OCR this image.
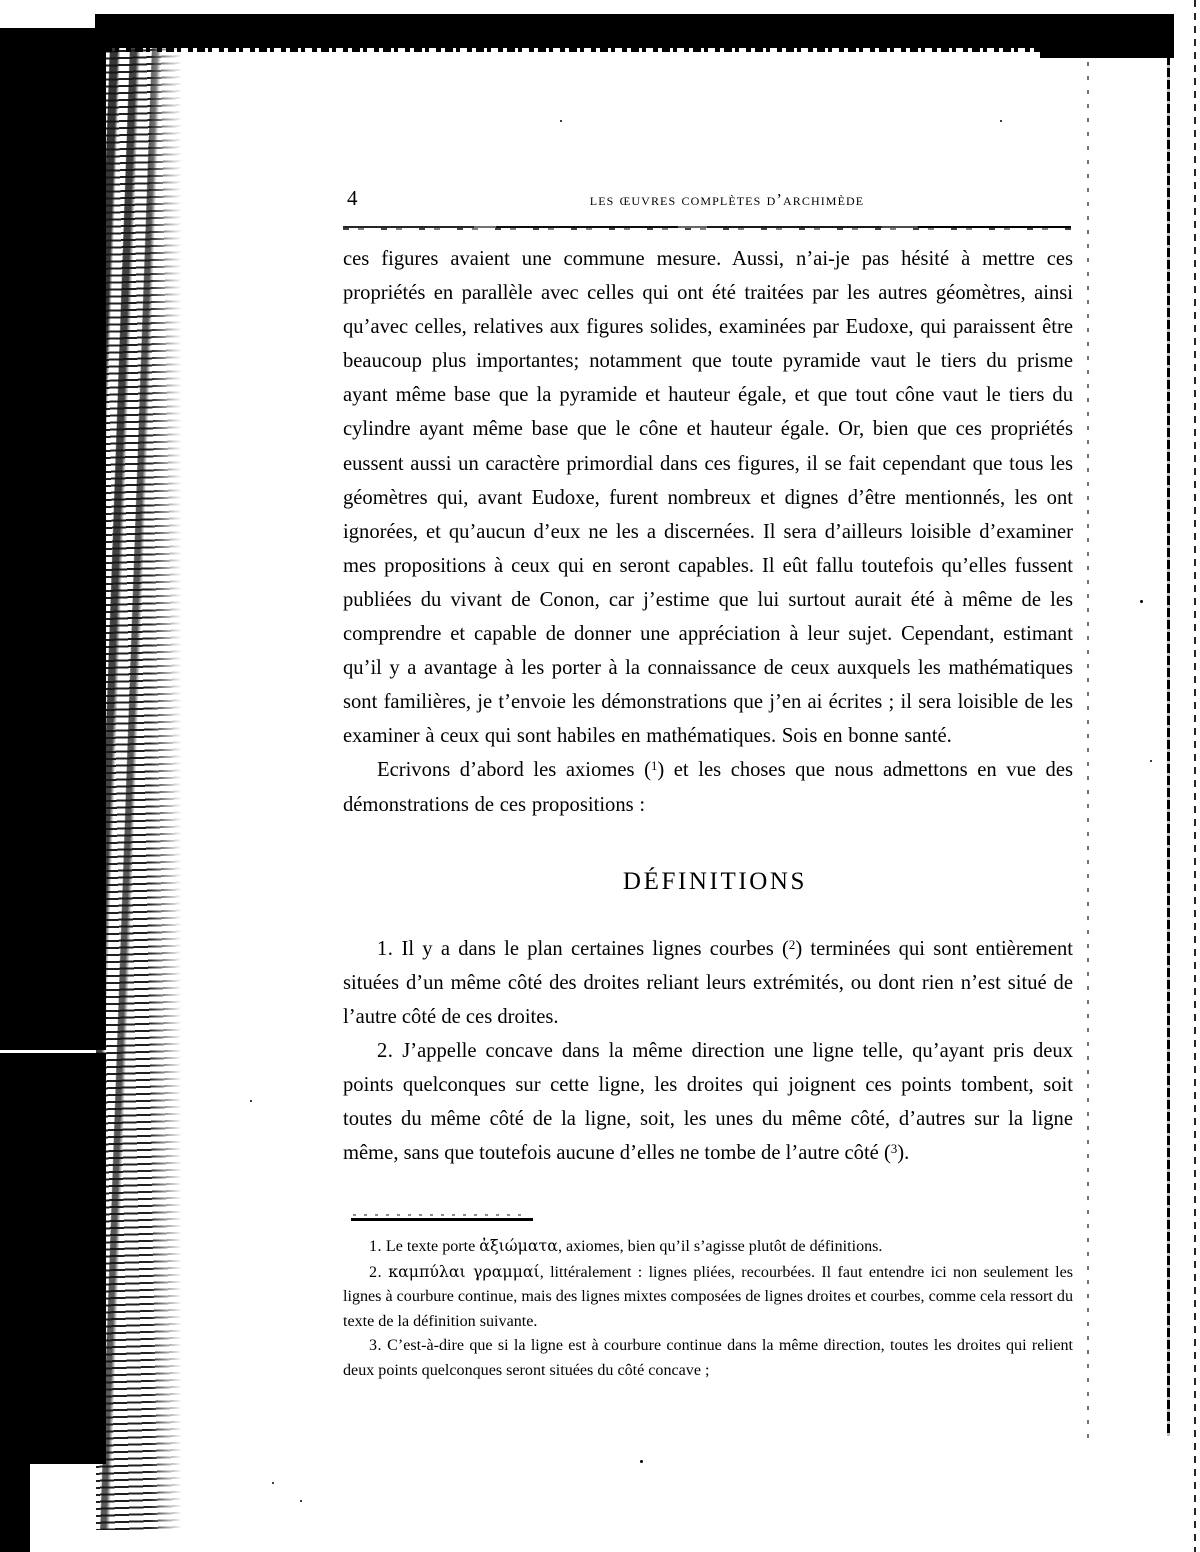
4	les œuvres complètes d’archimède

ces figures avaient une commune mesure. Aussi, n’ai-je pas hésité à mettre ces propriétés en parallèle avec celles qui ont été traitées par les autres géomètres, ainsi qu’avec celles, relatives aux figures solides, examinées par Eudoxe, qui paraissent être beaucoup plus importantes; notamment que toute pyramide vaut le tiers du prisme ayant même base que la pyramide et hauteur égale, et que tout cône vaut le tiers du cylindre ayant même base que le cône et hauteur égale. Or, bien que ces propriétés eussent aussi un caractère primordial dans ces figures, il se fait cependant que tous les géomètres qui, avant Eudoxe, furent nombreux et dignes d’être mentionnés, les ont ignorées, et qu’aucun d’eux ne les a discernées. Il sera d’ailleurs loisible d’examiner mes propositions à ceux qui en seront capables. Il eût fallu toutefois qu’elles fussent publiées du vivant de Conon, car j’estime que lui surtout aurait été à même de les comprendre et capable de donner une appréciation à leur sujet. Cependant, estimant qu’il y a avantage à les porter à la connaissance de ceux auxquels les mathématiques sont familières, je t’envoie les démonstrations que j’en ai écrites ; il sera loisible de les examiner à ceux qui sont habiles en mathématiques. Sois en bonne santé.

Ecrivons d’abord les axiomes ($^1$) et les choses que nous admettons en vue des démonstrations de ces propositions :

DÉFINITIONS

1. Il y a dans le plan certaines lignes courbes ($^2$) terminées qui sont entièrement situées d’un même côté des droites reliant leurs extrémités, ou dont rien n’est situé de l’autre côté de ces droites.

2. J’appelle concave dans la même direction une ligne telle, qu’ayant pris deux points quelconques sur cette ligne, les droites qui joignent ces points tombent, soit toutes du même côté de la ligne, soit, les unes du même côté, d’autres sur la ligne même, sans que toutefois aucune d’elles ne tombe de l’autre côté ($^3$).

1. Le texte porte ἀξιώματα, axiomes, bien qu’il s’agisse plutôt de définitions.

2. καμπύλαι γραμμαί, littéralement : lignes pliées, recourbées. Il faut entendre ici non seulement les lignes à courbure continue, mais des lignes mixtes composées de lignes droites et courbes, comme cela ressort du texte de la définition suivante.

3. C’est-à-dire que si la ligne est à courbure continue dans la même direction, toutes les droites qui relient deux points quelconques seront situées du côté concave ;
